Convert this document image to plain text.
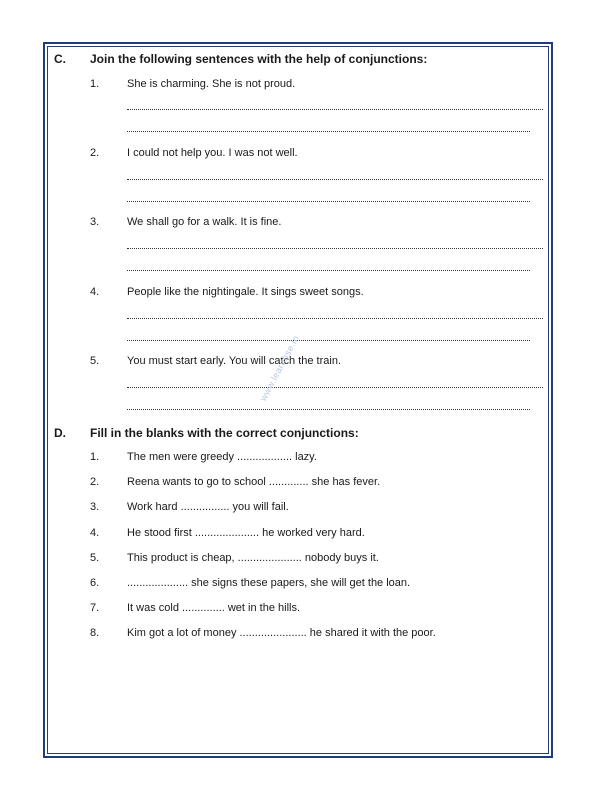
C. Join the following sentences with the help of conjunctions:
1.	She is charming. She is not proud.
2.	I could not help you. I was not well.
3.	We shall go for a walk. It is fine.
4.	People like the nightingale. It sings sweet songs.
5.	You must start early. You will catch the train.
D. Fill in the blanks with the correct conjunctions:
1.	The men were greedy .................. lazy.
2.	Reena wants to go to school ............. she has fever.
3.	Work hard ................ you will fail.
4.	He stood first ..................... he worked very hard.
5.	This product is cheap, ..................... nobody buys it.
6.	.................... she signs these papers, she will get the loan.
7.	It was cold .............. wet in the hills.
8.	Kim got a lot of money ...................... he shared it with the poor.
www.learnbse.in
